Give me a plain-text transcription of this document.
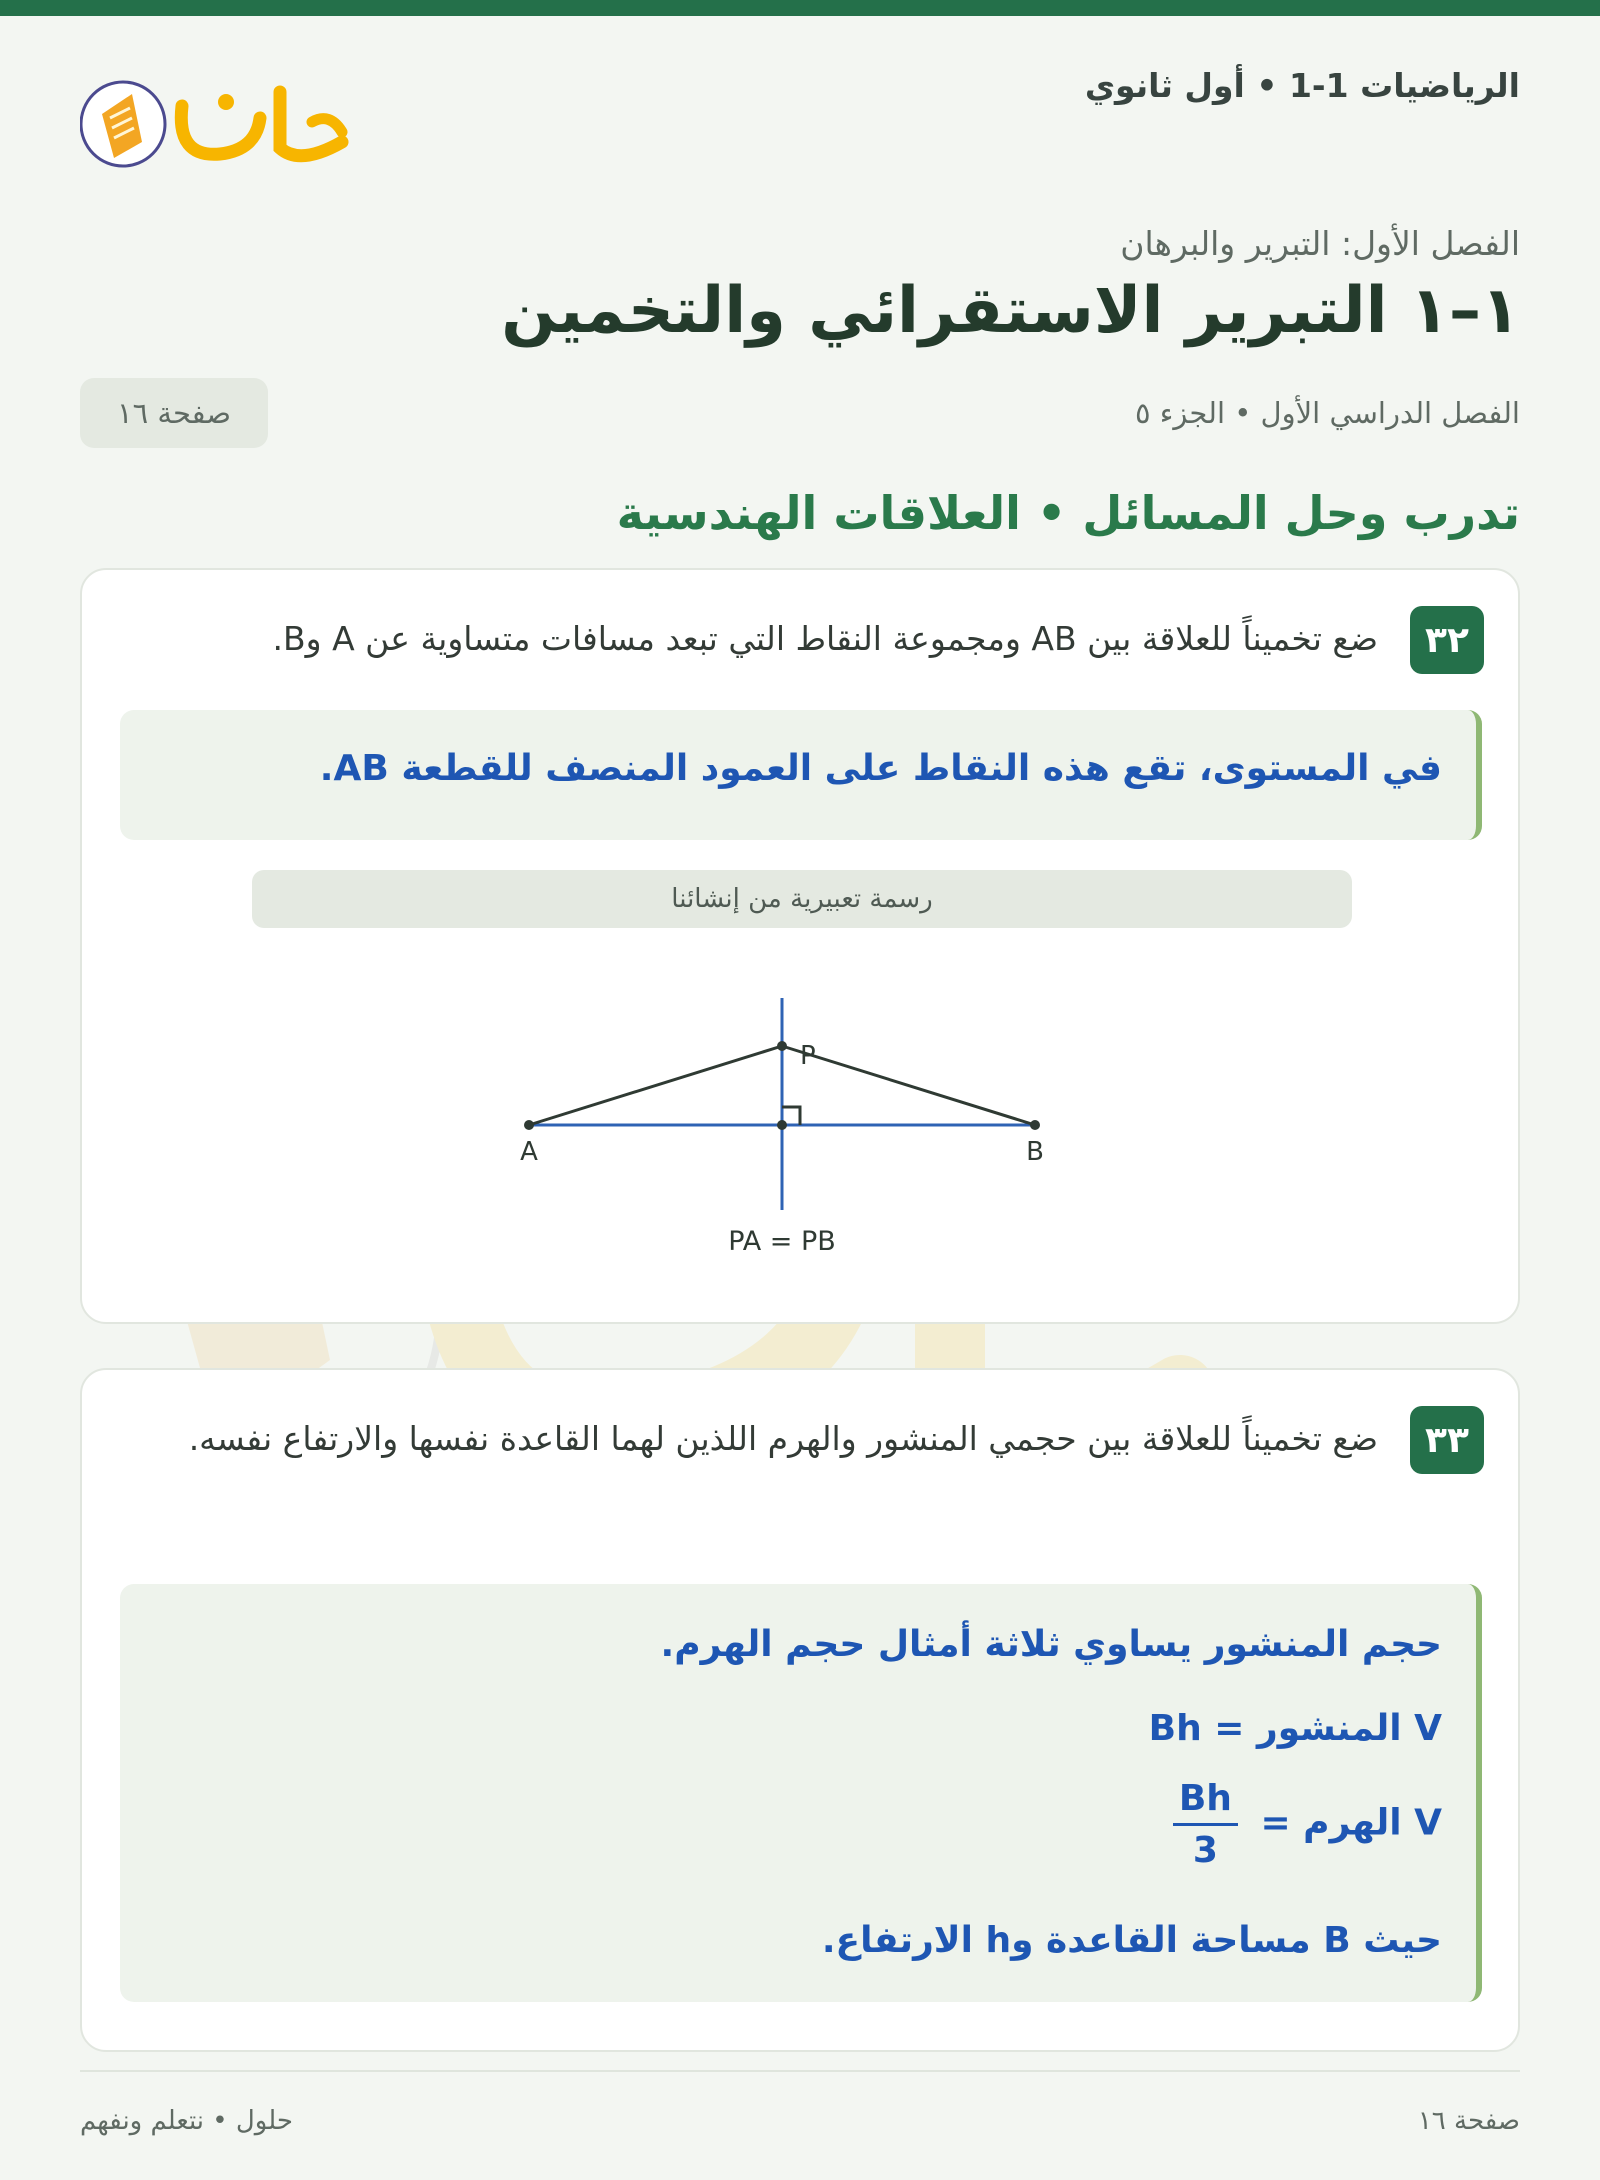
الرياضيات 1-1 • أول ثانوي
الفصل الأول: التبرير والبرهان
١–١ التبرير الاستقرائي والتخمين
الفصل الدراسي الأول • الجزء ٥
صفحة ١٦
تدرب وحل المسائل • العلاقات الهندسية
٣٢
ضع تخميناً للعلاقة بين AB ومجموعة النقاط التي تبعد مسافات متساوية عن A وB.
في المستوى، تقع هذه النقاط على العمود المنصف للقطعة AB.
رسمة تعبيرية من إنشائنا
A	B
P
PA = PB
٣٣
ضع تخميناً للعلاقة بين حجمي المنشور والهرم اللذين لهما القاعدة نفسها والارتفاع نفسه.
حجم المنشور يساوي ثلاثة أمثال حجم الهرم.
V المنشور = Bh
V الهرم =
$\frac{Bh}{3}$
حيث B مساحة القاعدة وh الارتفاع.
صفحة ١٦
حلول • نتعلم ونفهم
